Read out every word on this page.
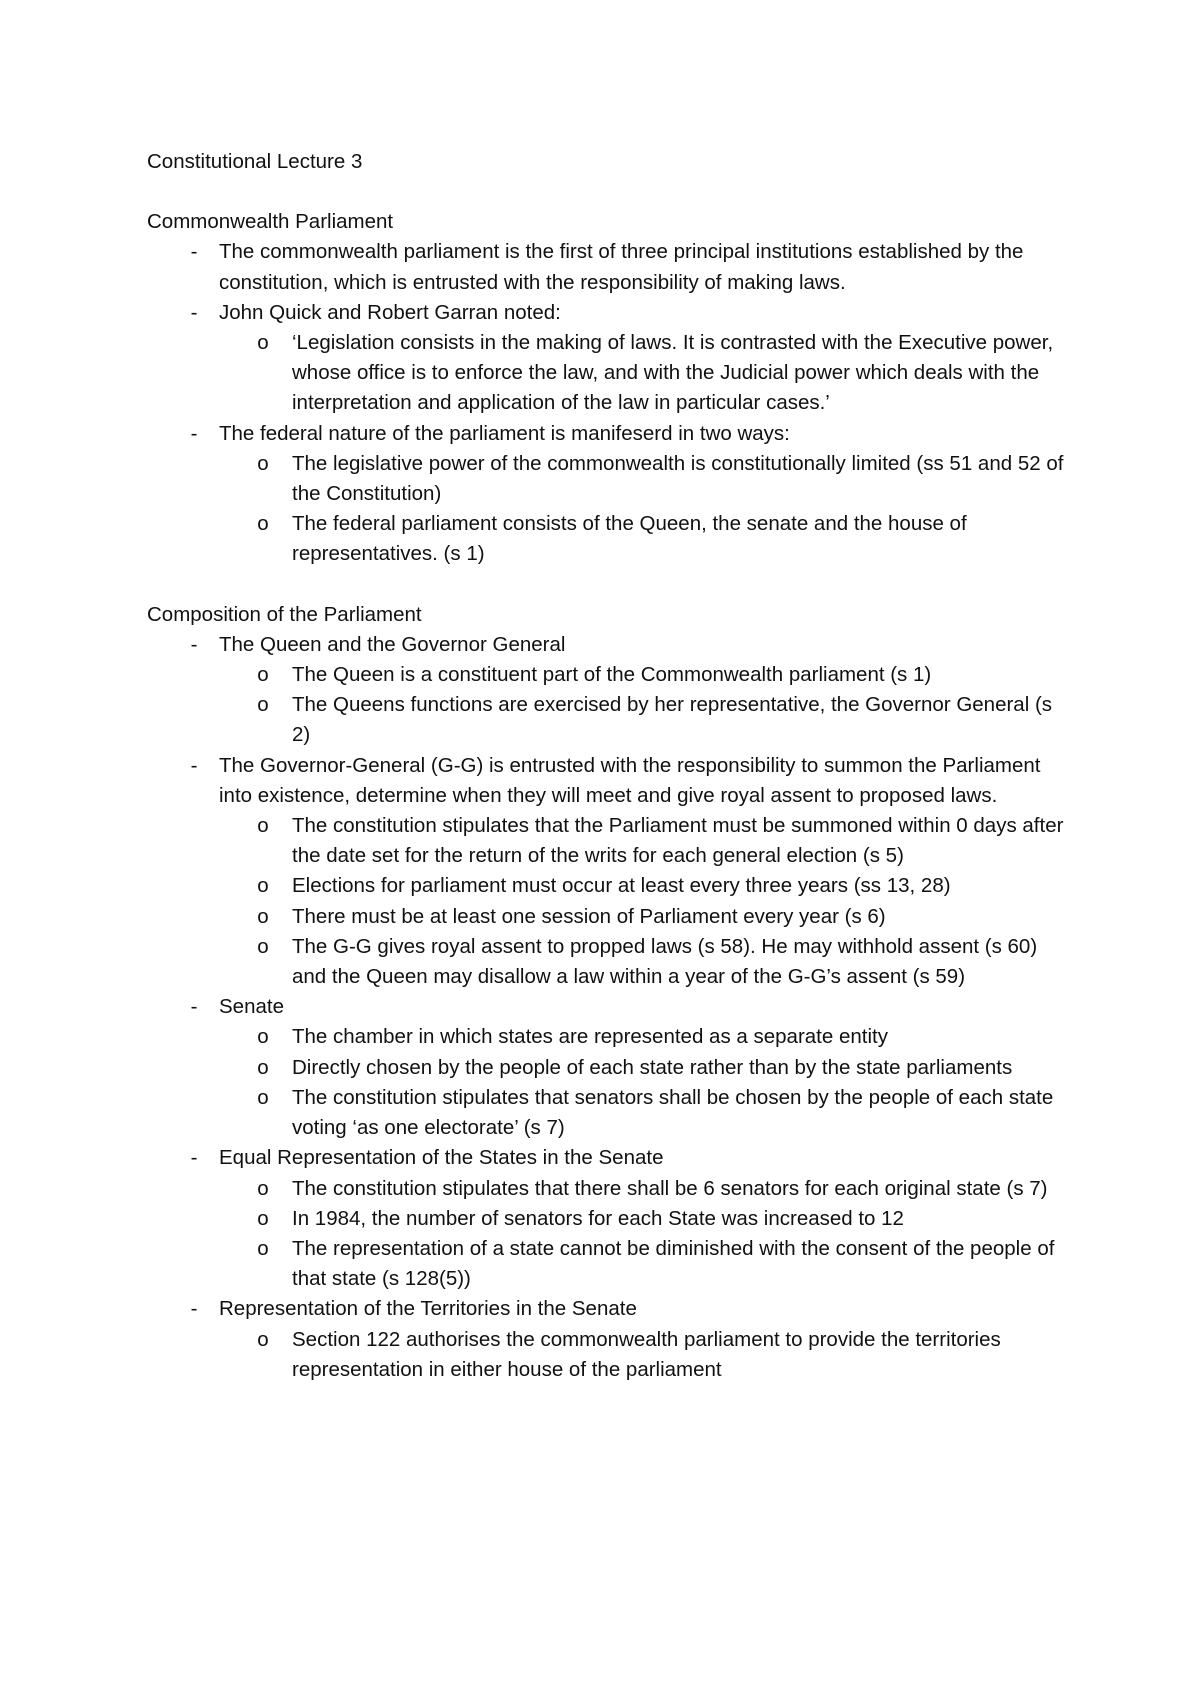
Constitutional Lecture 3
Commonwealth Parliament
- The commonwealth parliament is the first of three principal institutions established by the constitution, which is entrusted with the responsibility of making laws.
- John Quick and Robert Garran noted:
o ‘Legislation consists in the making of laws. It is contrasted with the Executive power, whose office is to enforce the law, and with the Judicial power which deals with the interpretation and application of the law in particular cases.’
- The federal nature of the parliament is manifeserd in two ways:
o The legislative power of the commonwealth is constitutionally limited (ss 51 and 52 of the Constitution)
o The federal parliament consists of the Queen, the senate and the house of representatives. (s 1)
Composition of the Parliament
- The Queen and the Governor General
o The Queen is a constituent part of the Commonwealth parliament (s 1)
o The Queens functions are exercised by her representative, the Governor General (s 2)
- The Governor-General (G-G) is entrusted with the responsibility to summon the Parliament into existence, determine when they will meet and give royal assent to proposed laws.
o The constitution stipulates that the Parliament must be summoned within 0 days after the date set for the return of the writs for each general election (s 5)
o Elections for parliament must occur at least every three years (ss 13, 28)
o There must be at least one session of Parliament every year (s 6)
o The G-G gives royal assent to propped laws (s 58). He may withhold assent (s 60) and the Queen may disallow a law within a year of the G-G’s assent (s 59)
- Senate
o The chamber in which states are represented as a separate entity
o Directly chosen by the people of each state rather than by the state parliaments
o The constitution stipulates that senators shall be chosen by the people of each state voting ‘as one electorate’ (s 7)
- Equal Representation of the States in the Senate
o The constitution stipulates that there shall be 6 senators for each original state (s 7)
o In 1984, the number of senators for each State was increased to 12
o The representation of a state cannot be diminished with the consent of the people of that state (s 128(5))
- Representation of the Territories in the Senate
o Section 122 authorises the commonwealth parliament to provide the territories representation in either house of the parliament
